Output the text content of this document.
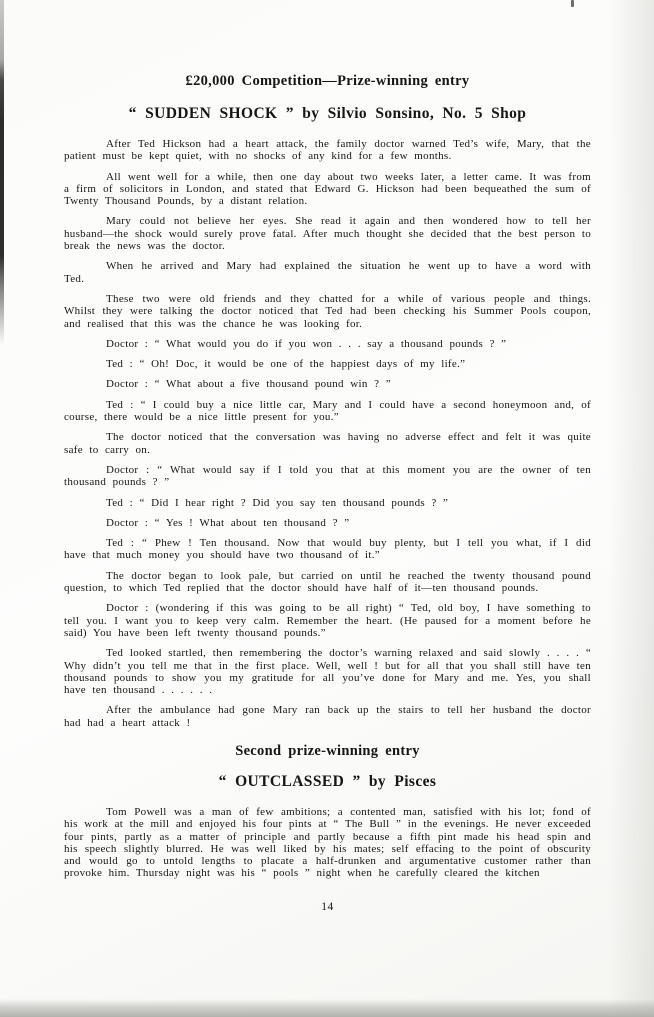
£20,000 Competition—Prize-winning entry
“ SUDDEN SHOCK ” by Silvio Sonsino, No. 5 Shop

After Ted Hickson had a heart attack, the family doctor warned Ted’s wife, Mary, that the patient must be kept quiet, with no shocks of any kind for a few months.

All went well for a while, then one day about two weeks later, a letter came. It was from a firm of solicitors in London, and stated that Edward G. Hickson had been bequeathed the sum of Twenty Thousand Pounds, by a distant relation.

Mary could not believe her eyes. She read it again and then wondered how to tell her husband—the shock would surely prove fatal. After much thought she decided that the best person to break the news was the doctor.

When he arrived and Mary had explained the situation he went up to have a word with Ted.

These two were old friends and they chatted for a while of various people and things. Whilst they were talking the doctor noticed that Ted had been checking his Summer Pools coupon, and realised that this was the chance he was looking for.

Doctor : “ What would you do if you won . . . say a thousand pounds ? ”

Ted : “ Oh! Doc, it would be one of the happiest days of my life.”

Doctor : “ What about a five thousand pound win ? ”

Ted : “ I could buy a nice little car, Mary and I could have a second honeymoon and, of course, there would be a nice little present for you.”

The doctor noticed that the conversation was having no adverse effect and felt it was quite safe to carry on.

Doctor : “ What would say if I told you that at this moment you are the owner of ten thousand pounds ? ”

Ted : “ Did I hear right ? Did you say ten thousand pounds ? ”

Doctor : “ Yes ! What about ten thousand ? ”

Ted : “ Phew ! Ten thousand. Now that would buy plenty, but I tell you what, if I did have that much money you should have two thousand of it.”

The doctor began to look pale, but carried on until he reached the twenty thousand pound question, to which Ted replied that the doctor should have half of it—ten thousand pounds.

Doctor : (wondering if this was going to be all right) “ Ted, old boy, I have something to tell you. I want you to keep very calm. Remember the heart. (He paused for a moment before he said) You have been left twenty thousand pounds.”

Ted looked startled, then remembering the doctor’s warning relaxed and said slowly . . . . “ Why didn’t you tell me that in the first place. Well, well ! but for all that you shall still have ten thousand pounds to show you my gratitude for all you’ve done for Mary and me. Yes, you shall have ten thousand . . . . . .

After the ambulance had gone Mary ran back up the stairs to tell her husband the doctor had had a heart attack !

Second prize-winning entry
“ OUTCLASSED ” by Pisces

Tom Powell was a man of few ambitions; a contented man, satisfied with his lot; fond of his work at the mill and enjoyed his four pints at “ The Bull ” in the evenings. He never exceeded four pints, partly as a matter of principle and partly because a fifth pint made his head spin and his speech slightly blurred. He was well liked by his mates; self effacing to the point of obscurity and would go to untold lengths to placate a half-drunken and argumentative customer rather than provoke him. Thursday night was his “ pools ” night when he carefully cleared the kitchen

14
